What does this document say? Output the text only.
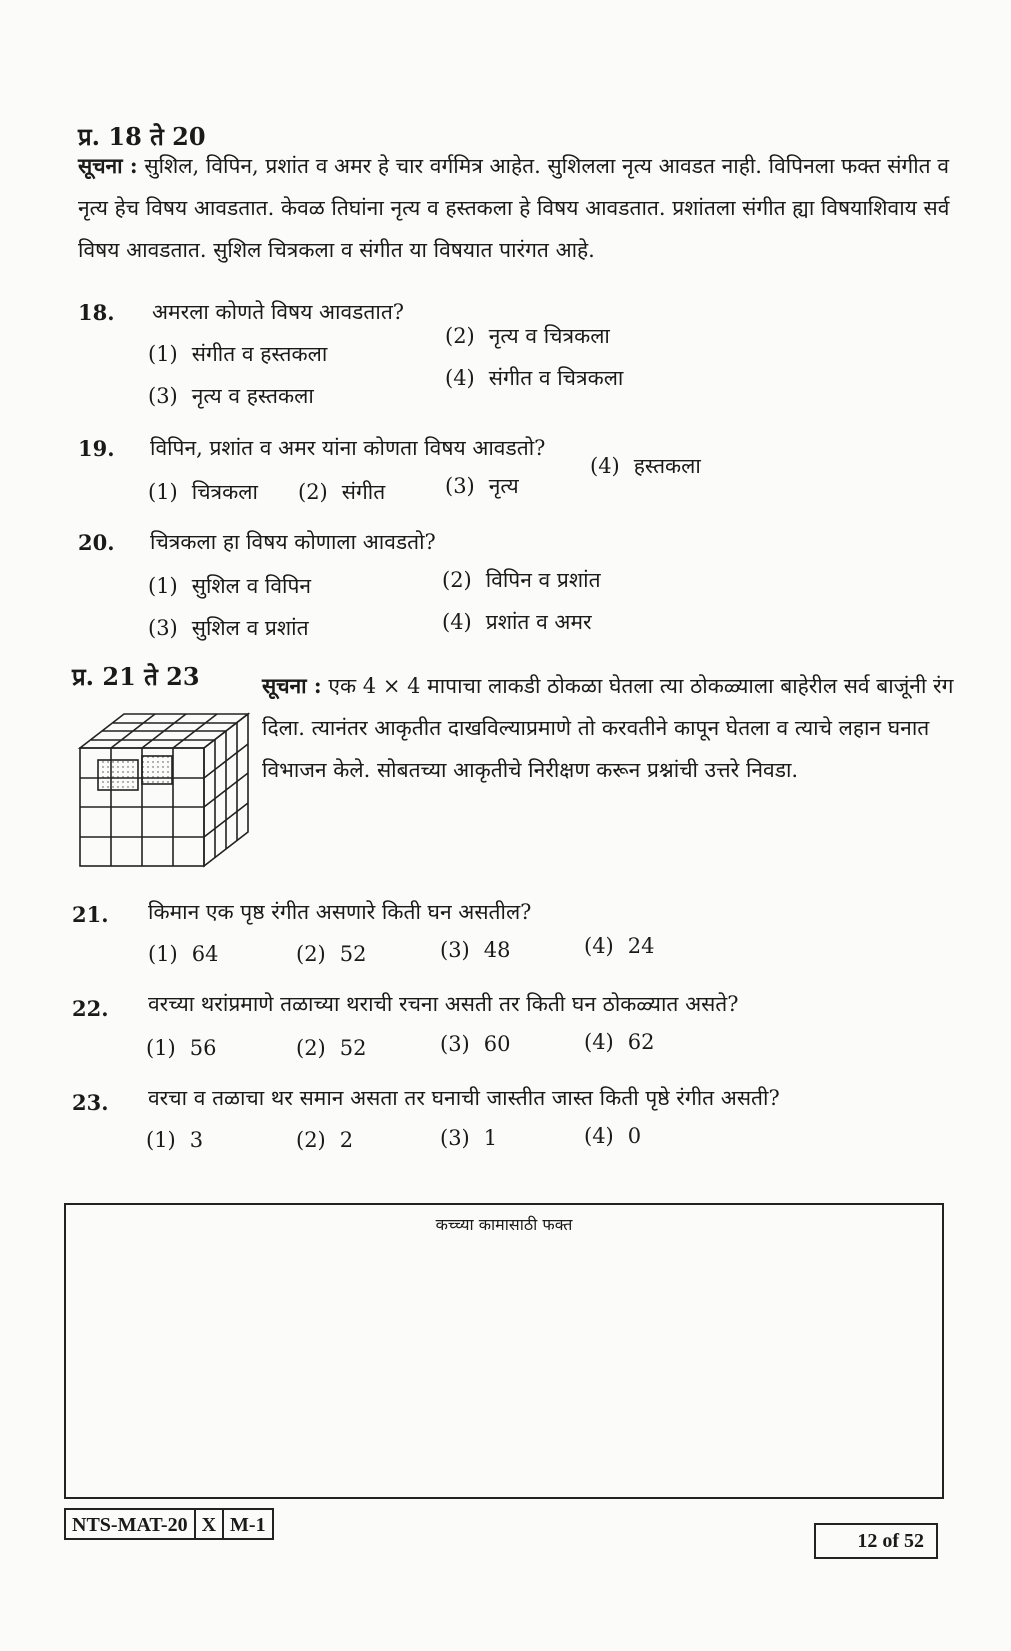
प्र. 18 ते 20
सूचना : सुशिल, विपिन, प्रशांत व अमर हे चार वर्गमित्र आहेत. सुशिलला नृत्य आवडत नाही. विपिनला फक्त संगीत व
नृत्य हेच विषय आवडतात. केवळ तिघांना नृत्य व हस्तकला हे विषय आवडतात. प्रशांतला संगीत ह्या विषयाशिवाय सर्व
विषय आवडतात. सुशिल चित्रकला व संगीत या विषयात पारंगत आहे.
18. अमरला कोणते विषय आवडतात?
(1) संगीत व हस्तकला
(2) नृत्य व चित्रकला
(3) नृत्य व हस्तकला
(4) संगीत व चित्रकला
19. विपिन, प्रशांत व अमर यांना कोणता विषय आवडतो?
(1) चित्रकला (2) संगीत	(3) नृत्य
(4) हस्तकला
20. चित्रकला हा विषय कोणाला आवडतो?
(1) सुशिल व विपिन	(2) विपिन व प्रशांत
(3) सुशिल व प्रशांत	(4) प्रशांत व अमर
प्र. 21 ते 23	सूचना : एक 4 × 4 मापाचा लाकडी ठोकळा घेतला त्या ठोकळ्याला बाहेरील सर्व बाजूंनी रंग
दिला. त्यानंतर आकृतीत दाखविल्याप्रमाणे तो करवतीने कापून घेतला व त्याचे लहान घनात
विभाजन केले. सोबतच्या आकृतीचे निरीक्षण करून प्रश्नांची उत्तरे निवडा.
21. किमान एक पृष्ठ रंगीत असणारे किती घन असतील?
(1) 64	(2) 52	(3) 48	(4) 24
22. वरच्या थरांप्रमाणे तळाच्या थराची रचना असती तर किती घन ठोकळ्यात असते?
(1) 56	(2) 52	(3) 60	(4) 62
23. वरचा व तळाचा थर समान असता तर घनाची जास्तीत जास्त किती पृष्ठे रंगीत असती?
(1) 3	(2) 2	(3) 1	(4) 0
कच्च्या कामासाठी फक्त
NTS-MAT-20 X M-1
12 of 52
